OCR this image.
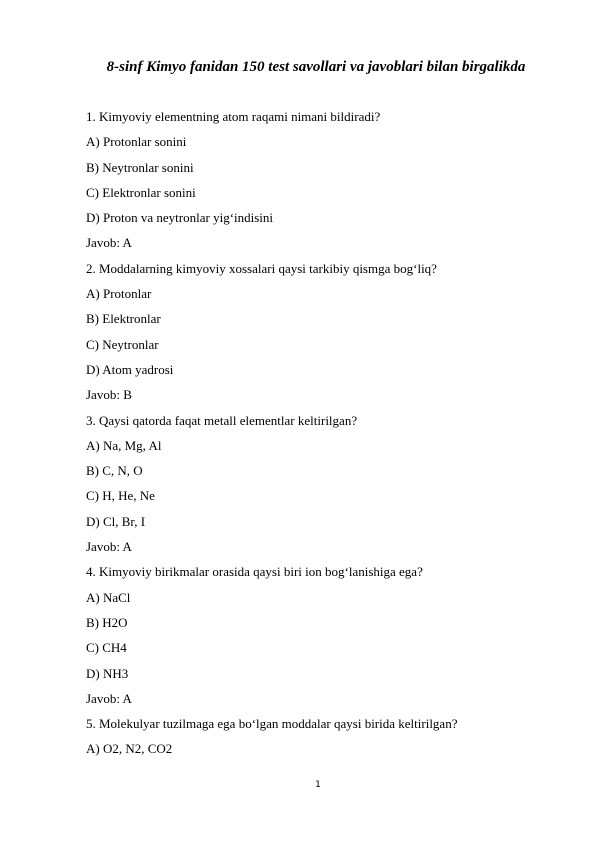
8-sinf Kimyo fanidan 150 test savollari va javoblari bilan birgalikda
1. Kimyoviy elementning atom raqami nimani bildiradi?
A) Protonlar sonini
B) Neytronlar sonini
C) Elektronlar sonini
D) Proton va neytronlar yig‘indisini
Javob: A
2. Moddalarning kimyoviy xossalari qaysi tarkibiy qismga bog‘liq?
A) Protonlar
B) Elektronlar
C) Neytronlar
D) Atom yadrosi
Javob: B
3. Qaysi qatorda faqat metall elementlar keltirilgan?
A) Na, Mg, Al
B) C, N, O
C) H, He, Ne
D) Cl, Br, I
Javob: A
4. Kimyoviy birikmalar orasida qaysi biri ion bog‘lanishiga ega?
A) NaCl
B) H2O
C) CH4
D) NH3
Javob: A
5. Molekulyar tuzilmaga ega bo‘lgan moddalar qaysi birida keltirilgan?
A) O2, N2, CO2
1
